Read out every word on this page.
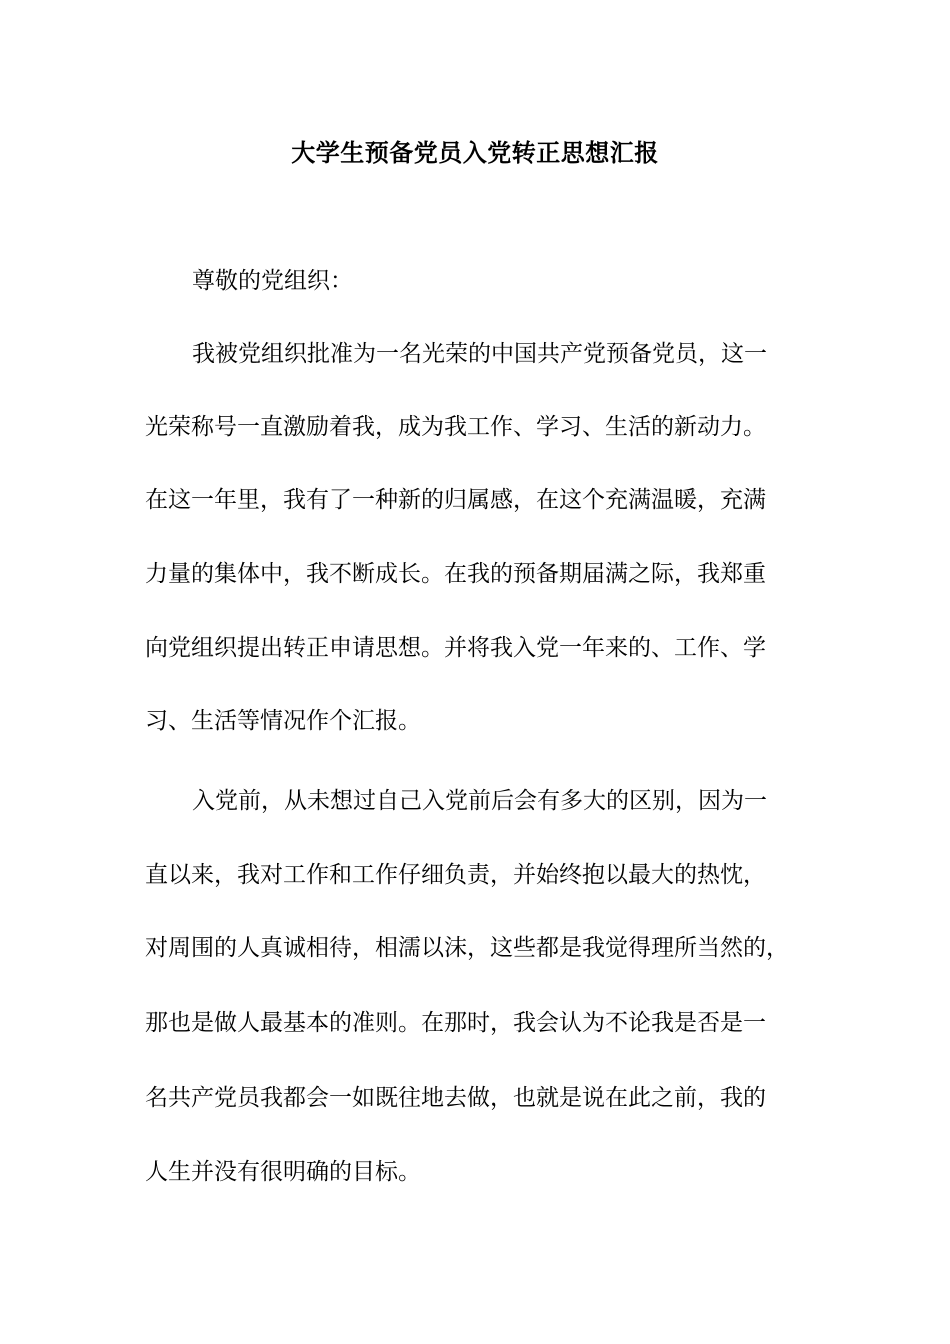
大学生预备党员入党转正思想汇报
尊敬的党组织：
我被党组织批准为一名光荣的中国共产党预备党员，这一
光荣称号一直激励着我，成为我工作、学习、生活的新动力。
在这一年里，我有了一种新的归属感，在这个充满温暖，充满
力量的集体中，我不断成长。在我的预备期届满之际，我郑重
向党组织提出转正申请思想。并将我入党一年来的、工作、学
习、生活等情况作个汇报。
入党前，从未想过自己入党前后会有多大的区别，因为一
直以来，我对工作和工作仔细负责，并始终抱以最大的热忱，
对周围的人真诚相待，相濡以沫，这些都是我觉得理所当然的，
那也是做人最基本的准则。在那时，我会认为不论我是否是一
名共产党员我都会一如既往地去做，也就是说在此之前，我的
人生并没有很明确的目标。
